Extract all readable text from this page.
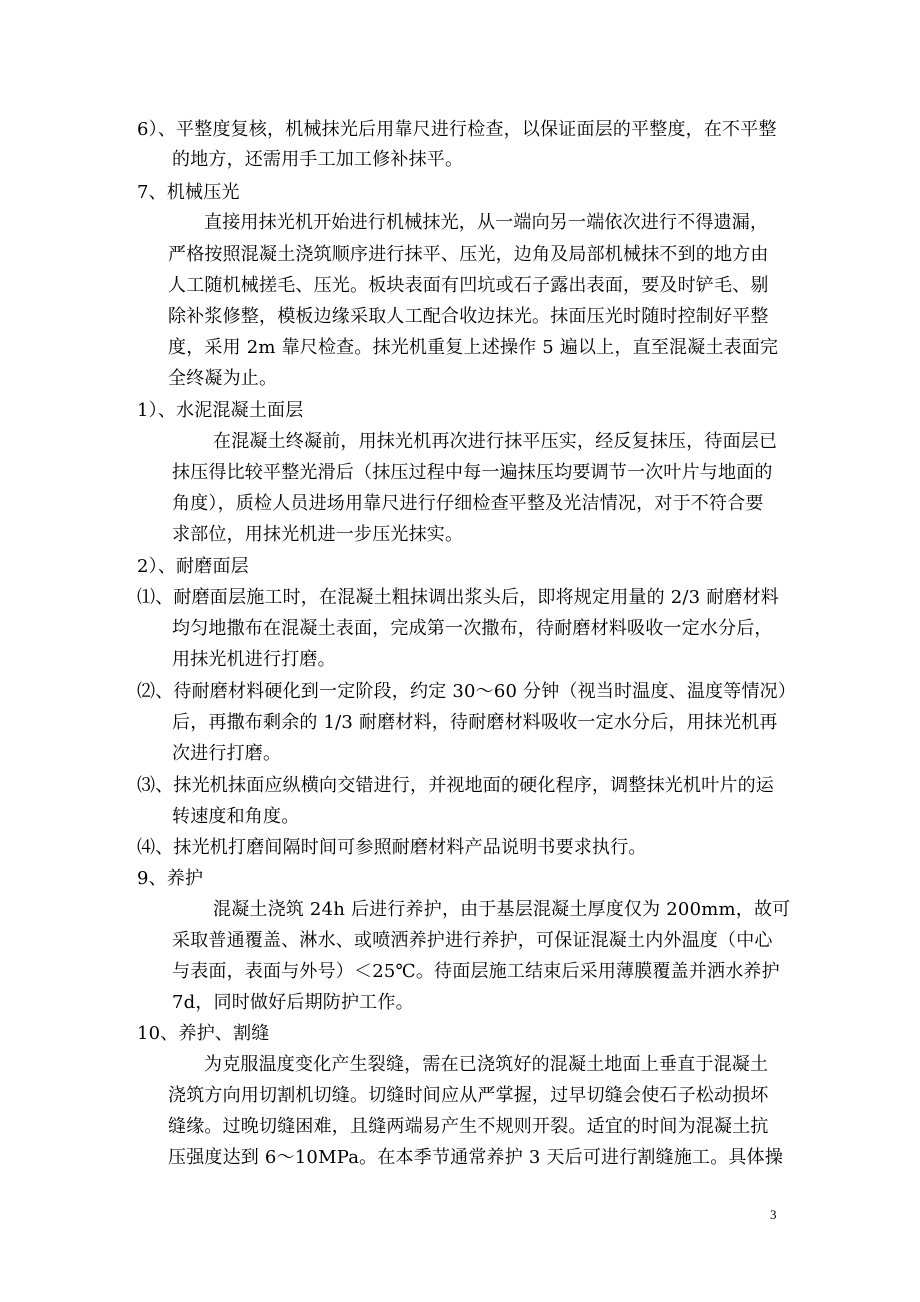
6）、平整度复核，机械抹光后用靠尺进行检查，以保证面层的平整度，在不平整
的地方，还需用手工加工修补抹平。
7、机械压光
直接用抹光机开始进行机械抹光，从一端向另一端依次进行不得遗漏，
严格按照混凝土浇筑顺序进行抹平、压光，边角及局部机械抹不到的地方由
人工随机械搓毛、压光。板块表面有凹坑或石子露出表面，要及时铲毛、剔
除补浆修整，模板边缘采取人工配合收边抹光。抹面压光时随时控制好平整
度，采用 2m 靠尺检查。抹光机重复上述操作 5 遍以上，直至混凝土表面完
全终凝为止。
1）、水泥混凝土面层
在混凝土终凝前，用抹光机再次进行抹平压实，经反复抹压，待面层已
抹压得比较平整光滑后（抹压过程中每一遍抹压均要调节一次叶片与地面的
角度），质检人员进场用靠尺进行仔细检查平整及光洁情况，对于不符合要
求部位，用抹光机进一步压光抹实。
2）、耐磨面层
⑴、耐磨面层施工时，在混凝土粗抹调出浆头后，即将规定用量的 2/3 耐磨材料
均匀地撒布在混凝土表面，完成第一次撒布，待耐磨材料吸收一定水分后，
用抹光机进行打磨。
⑵、待耐磨材料硬化到一定阶段，约定 30～60 分钟（视当时温度、温度等情况）
后，再撒布剩余的 1/3 耐磨材料，待耐磨材料吸收一定水分后，用抹光机再
次进行打磨。
⑶、抹光机抹面应纵横向交错进行，并视地面的硬化程序，调整抹光机叶片的运
转速度和角度。
⑷、抹光机打磨间隔时间可参照耐磨材料产品说明书要求执行。
9、养护
混凝土浇筑 24h 后进行养护，由于基层混凝土厚度仅为 200mm，故可
采取普通覆盖、淋水、或喷洒养护进行养护，可保证混凝土内外温度（中心
与表面，表面与外号）＜25℃。待面层施工结束后采用薄膜覆盖并洒水养护
7d，同时做好后期防护工作。
10、养护、割缝
为克服温度变化产生裂缝，需在已浇筑好的混凝土地面上垂直于混凝土
浇筑方向用切割机切缝。切缝时间应从严掌握，过早切缝会使石子松动损坏
缝缘。过晚切缝困难，且缝两端易产生不规则开裂。适宜的时间为混凝土抗
压强度达到 6～10MPa。在本季节通常养护 3 天后可进行割缝施工。具体操
3
